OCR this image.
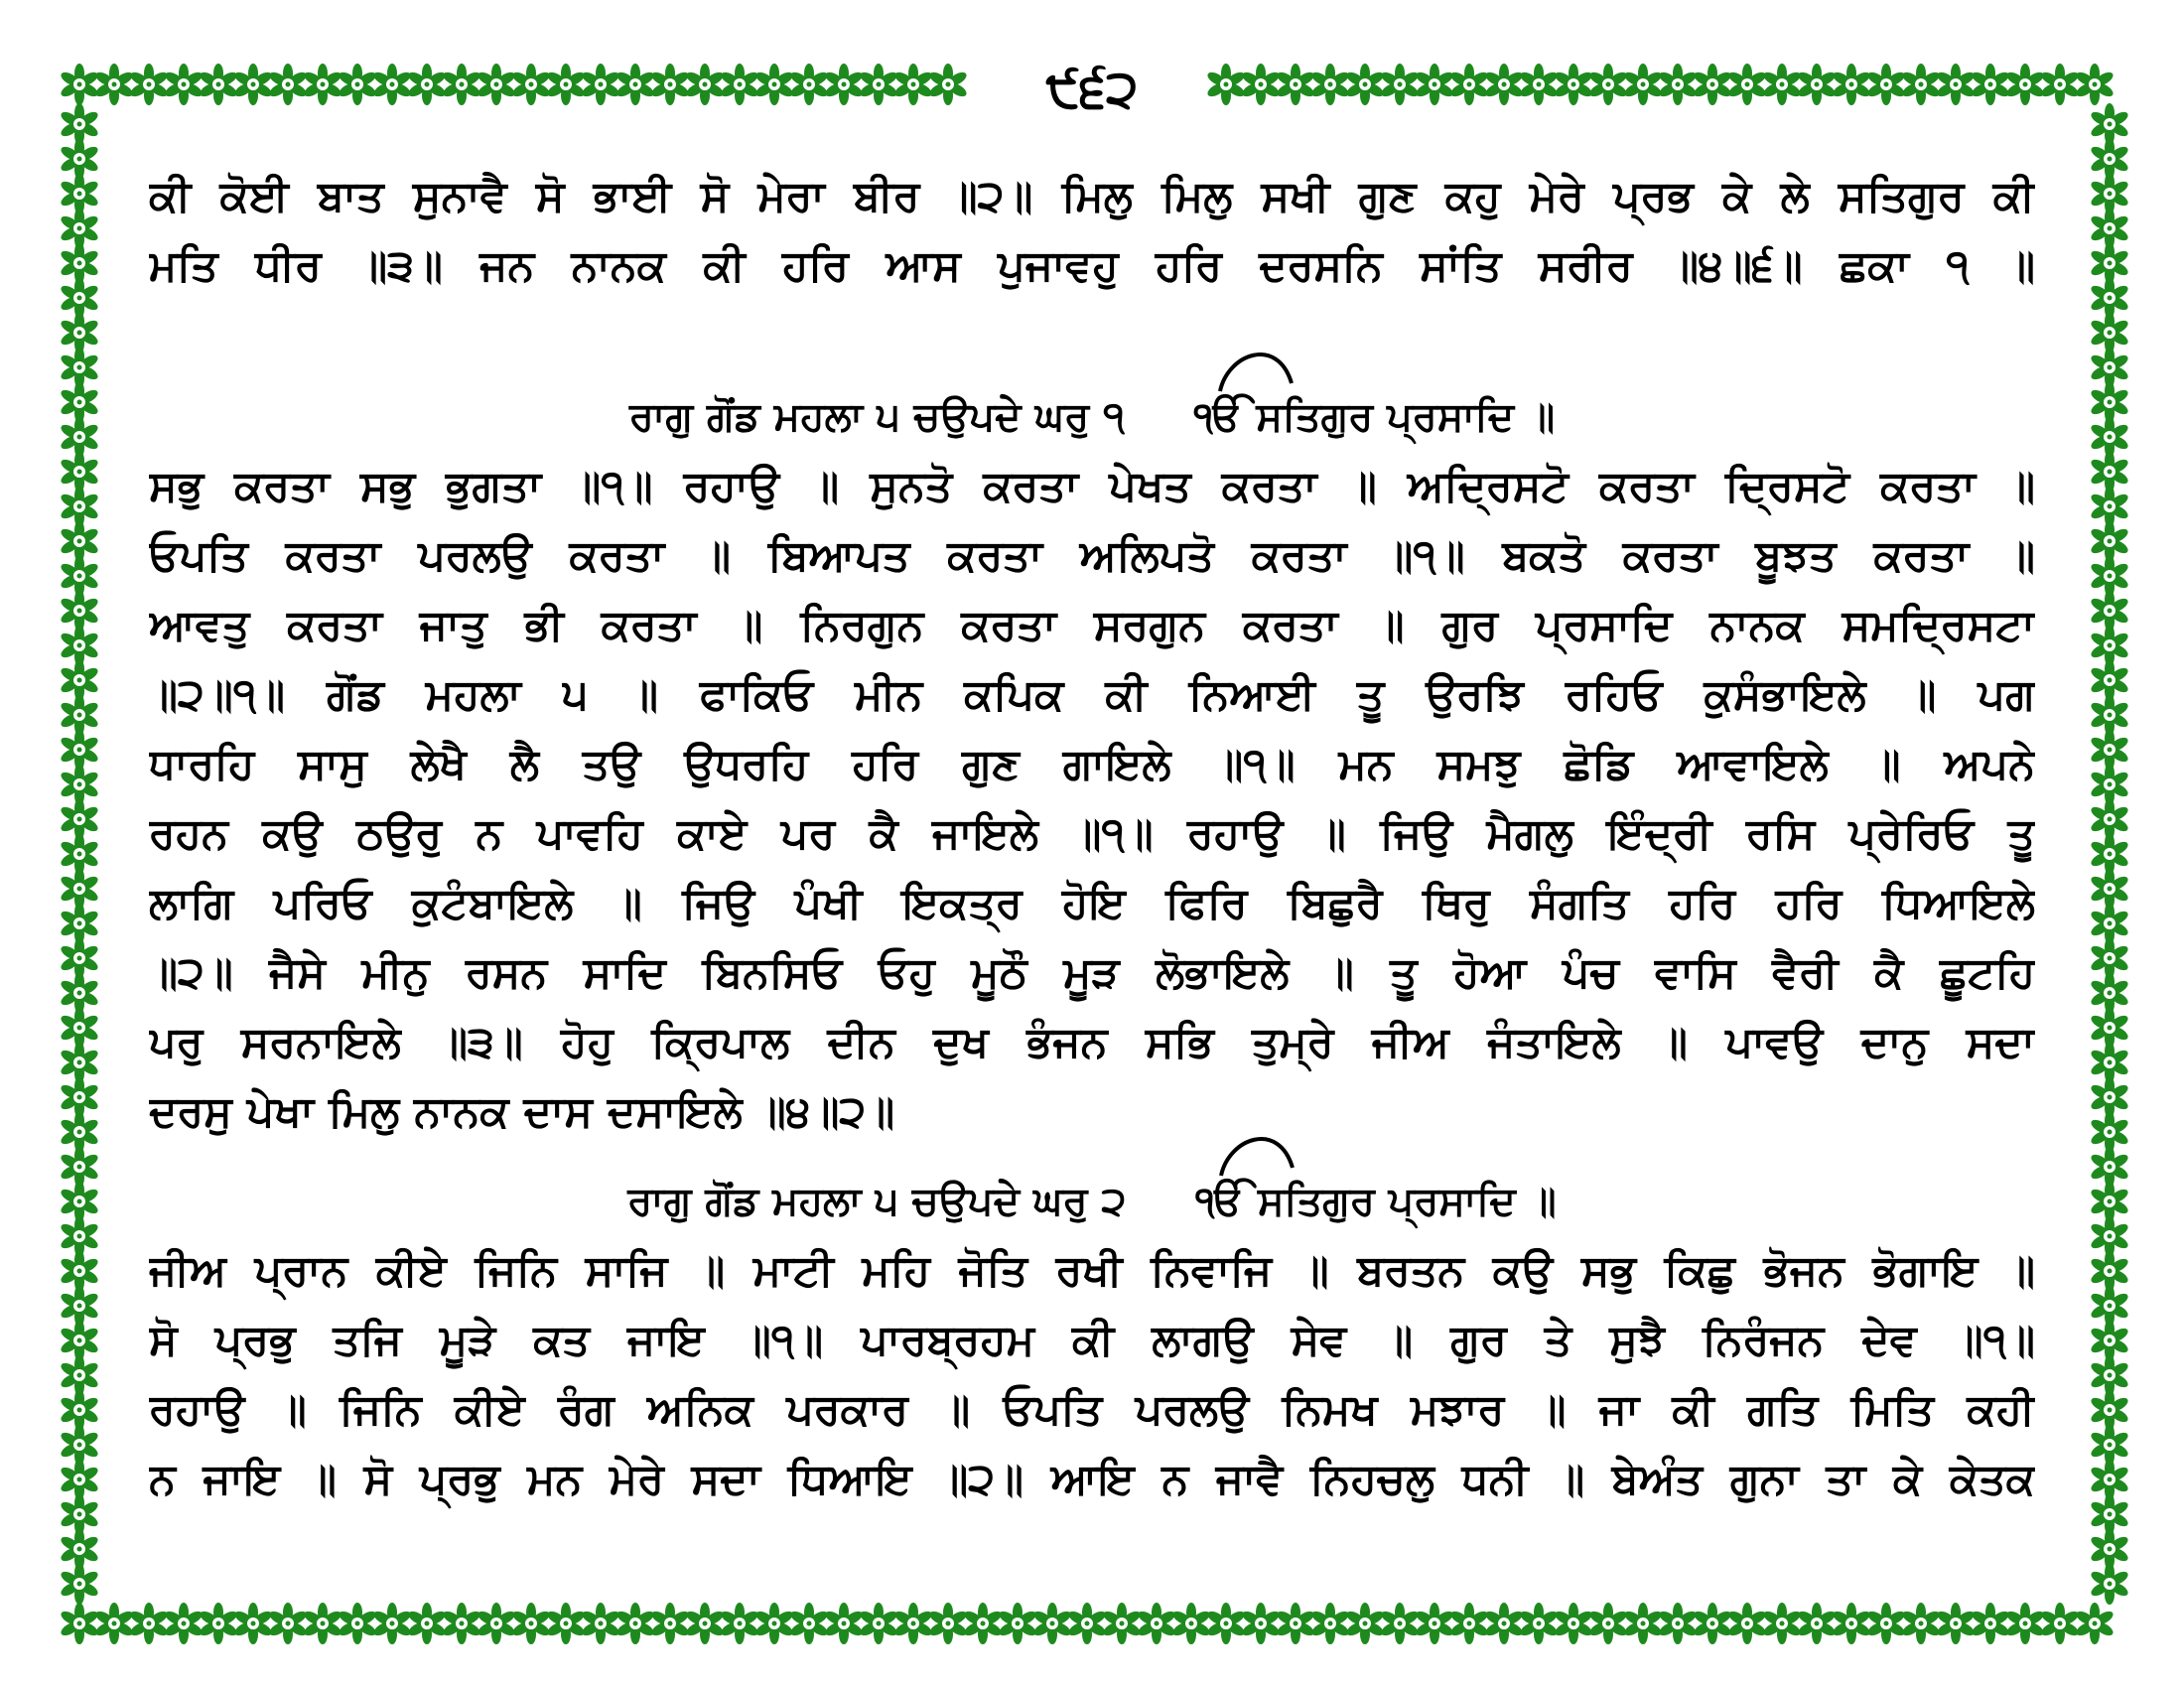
੯੬੨
ਕੀ ਕੋਈ ਬਾਤ ਸੁਨਾਵੈ ਸੋ ਭਾਈ ਸੋ ਮੇਰਾ ਬੀਰ ॥੨॥ ਮਿਲੁ ਮਿਲੁ ਸਖੀ ਗੁਣ ਕਹੁ ਮੇਰੇ ਪ੍ਰਭ ਕੇ ਲੇ ਸਤਿਗੁਰ ਕੀ
ਮਤਿ ਧੀਰ ॥੩॥ ਜਨ ਨਾਨਕ ਕੀ ਹਰਿ ਆਸ ਪੁਜਾਵਹੁ ਹਰਿ ਦਰਸਨਿ ਸਾਂਤਿ ਸਰੀਰ ॥੪॥੬॥ ਛਕਾ ੧ ॥
ਰਾਗੁ ਗੋਂਡ ਮਹਲਾ ੫ ਚਉਪਦੇ ਘਰੁ ੧ ੴ ਸਤਿਗੁਰ ਪ੍ਰਸਾਦਿ ॥
ਸਭੁ ਕਰਤਾ ਸਭੁ ਭੁਗਤਾ ॥੧॥ ਰਹਾਉ ॥ ਸੁਨਤੋ ਕਰਤਾ ਪੇਖਤ ਕਰਤਾ ॥ ਅਦ੍ਰਿਸਟੋ ਕਰਤਾ ਦ੍ਰਿਸਟੋ ਕਰਤਾ ॥
ਓਪਤਿ ਕਰਤਾ ਪਰਲਉ ਕਰਤਾ ॥ ਬਿਆਪਤ ਕਰਤਾ ਅਲਿਪਤੋ ਕਰਤਾ ॥੧॥ ਬਕਤੋ ਕਰਤਾ ਬੂਝਤ ਕਰਤਾ ॥
ਆਵਤੁ ਕਰਤਾ ਜਾਤੁ ਭੀ ਕਰਤਾ ॥ ਨਿਰਗੁਨ ਕਰਤਾ ਸਰਗੁਨ ਕਰਤਾ ॥ ਗੁਰ ਪ੍ਰਸਾਦਿ ਨਾਨਕ ਸਮਦ੍ਰਿਸਟਾ
॥੨॥੧॥ ਗੋਂਡ ਮਹਲਾ ੫ ॥ ਫਾਕਿਓ ਮੀਨ ਕਪਿਕ ਕੀ ਨਿਆਈ ਤੂ ਉਰਝਿ ਰਹਿਓ ਕੁਸੰਭਾਇਲੇ ॥ ਪਗ
ਧਾਰਹਿ ਸਾਸੁ ਲੇਖੈ ਲੈ ਤਉ ਉਧਰਹਿ ਹਰਿ ਗੁਣ ਗਾਇਲੇ ॥੧॥ ਮਨ ਸਮਝੁ ਛੋਡਿ ਆਵਾਇਲੇ ॥ ਅਪਨੇ
ਰਹਨ ਕਉ ਠਉਰੁ ਨ ਪਾਵਹਿ ਕਾਏ ਪਰ ਕੈ ਜਾਇਲੇ ॥੧॥ ਰਹਾਉ ॥ ਜਿਉ ਮੈਗਲੁ ਇੰਦ੍ਰੀ ਰਸਿ ਪ੍ਰੇਰਿਓ ਤੂ
ਲਾਗਿ ਪਰਿਓ ਕੁਟੰਬਾਇਲੇ ॥ ਜਿਉ ਪੰਖੀ ਇਕਤ੍ਰ ਹੋਇ ਫਿਰਿ ਬਿਛੁਰੈ ਥਿਰੁ ਸੰਗਤਿ ਹਰਿ ਹਰਿ ਧਿਆਇਲੇ
॥੨॥ ਜੈਸੇ ਮੀਨੁ ਰਸਨ ਸਾਦਿ ਬਿਨਸਿਓ ਓਹੁ ਮੂਠੌ ਮੂੜ ਲੋਭਾਇਲੇ ॥ ਤੂ ਹੋਆ ਪੰਚ ਵਾਸਿ ਵੈਰੀ ਕੈ ਛੂਟਹਿ
ਪਰੁ ਸਰਨਾਇਲੇ ॥੩॥ ਹੋਹੁ ਕ੍ਰਿਪਾਲ ਦੀਨ ਦੁਖ ਭੰਜਨ ਸਭਿ ਤੁਮ੍ਰੇ ਜੀਅ ਜੰਤਾਇਲੇ ॥ ਪਾਵਉ ਦਾਨੁ ਸਦਾ
ਦਰਸੁ ਪੇਖਾ ਮਿਲੁ ਨਾਨਕ ਦਾਸ ਦਸਾਇਲੇ ॥੪॥੨॥
ਰਾਗੁ ਗੋਂਡ ਮਹਲਾ ੫ ਚਉਪਦੇ ਘਰੁ ੨ ੴ ਸਤਿਗੁਰ ਪ੍ਰਸਾਦਿ ॥
ਜੀਅ ਪ੍ਰਾਨ ਕੀਏ ਜਿਨਿ ਸਾਜਿ ॥ ਮਾਟੀ ਮਹਿ ਜੋਤਿ ਰਖੀ ਨਿਵਾਜਿ ॥ ਬਰਤਨ ਕਉ ਸਭੁ ਕਿਛੁ ਭੋਜਨ ਭੋਗਾਇ ॥
ਸੋ ਪ੍ਰਭੁ ਤਜਿ ਮੂੜੇ ਕਤ ਜਾਇ ॥੧॥ ਪਾਰਬ੍ਰਹਮ ਕੀ ਲਾਗਉ ਸੇਵ ॥ ਗੁਰ ਤੇ ਸੁਝੈ ਨਿਰੰਜਨ ਦੇਵ ॥੧॥
ਰਹਾਉ ॥ ਜਿਨਿ ਕੀਏ ਰੰਗ ਅਨਿਕ ਪਰਕਾਰ ॥ ਓਪਤਿ ਪਰਲਉ ਨਿਮਖ ਮਝਾਰ ॥ ਜਾ ਕੀ ਗਤਿ ਮਿਤਿ ਕਹੀ
ਨ ਜਾਇ ॥ ਸੋ ਪ੍ਰਭੁ ਮਨ ਮੇਰੇ ਸਦਾ ਧਿਆਇ ॥੨॥ ਆਇ ਨ ਜਾਵੈ ਨਿਹਚਲੁ ਧਨੀ ॥ ਬੇਅੰਤ ਗੁਨਾ ਤਾ ਕੇ ਕੇਤਕ
